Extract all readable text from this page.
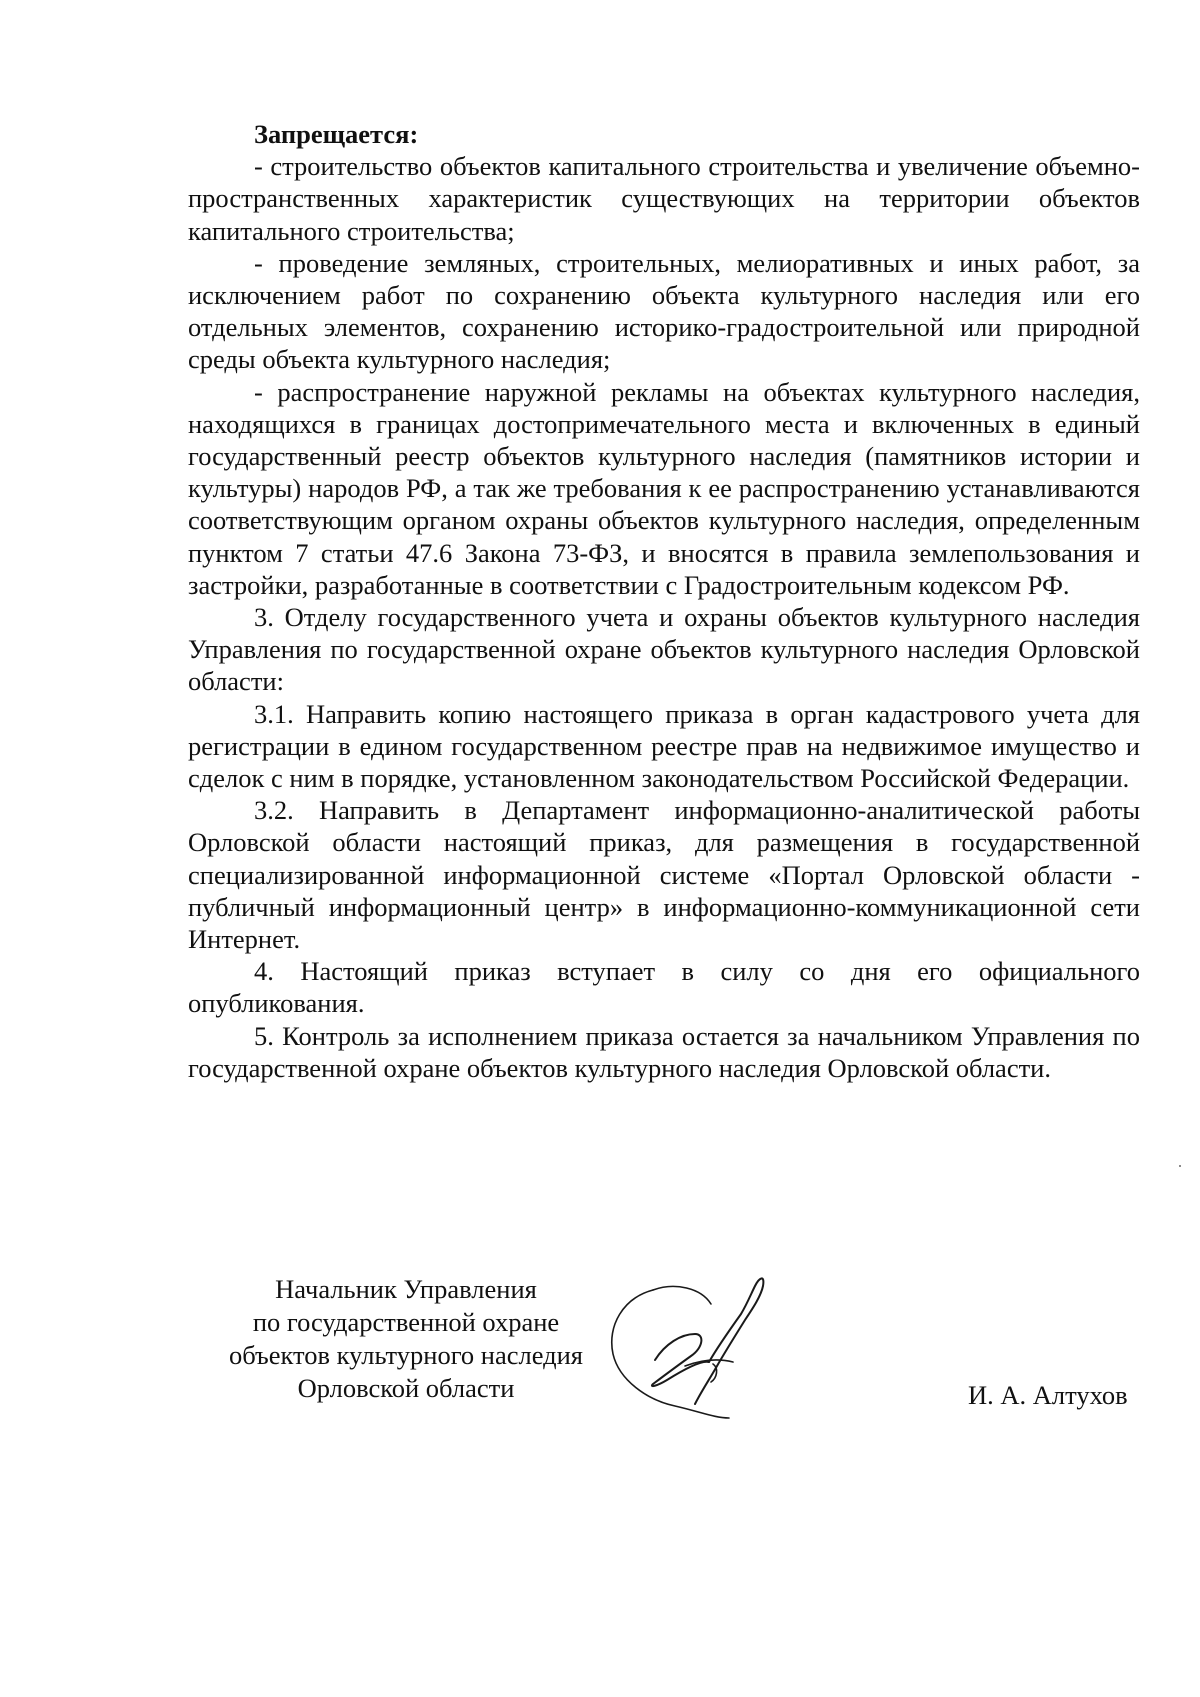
Запрещается:

- строительство объектов капитального строительства и увеличение объемно-пространственных характеристик существующих на территории объектов капитального строительства;

- проведение земляных, строительных, мелиоративных и иных работ, за исключением работ по сохранению объекта культурного наследия или его отдельных элементов, сохранению историко-градостроительной или природной среды объекта культурного наследия;

- распространение наружной рекламы на объектах культурного наследия, находящихся в границах достопримечательного места и включенных в единый государственный реестр объектов культурного наследия (памятников истории и культуры) народов РФ, а так же требования к ее распространению устанавливаются соответствующим органом охраны объектов культурного наследия, определенным пунктом 7 статьи 47.6 Закона 73-ФЗ, и вносятся в правила землепользования и застройки, разработанные в соответствии с Градостроительным кодексом РФ.

3. Отделу государственного учета и охраны объектов культурного наследия Управления по государственной охране объектов культурного наследия Орловской области:

3.1. Направить копию настоящего приказа в орган кадастрового учета для регистрации в едином государственном реестре прав на недвижимое имущество и сделок с ним в порядке, установленном законодательством Российской Федерации.

3.2. Направить в Департамент информационно-аналитической работы Орловской области настоящий приказ, для размещения в государственной специализированной информационной системе «Портал Орловской области - публичный информационный центр» в информационно-коммуникационной сети Интернет.

4. Настоящий приказ вступает в силу со дня его официального опубликования.

5. Контроль за исполнением приказа остается за начальником Управления по государственной охране объектов культурного наследия Орловской области.

Начальник Управления
по государственной охране
объектов культурного наследия
Орловской области	И. А. Алтухов
